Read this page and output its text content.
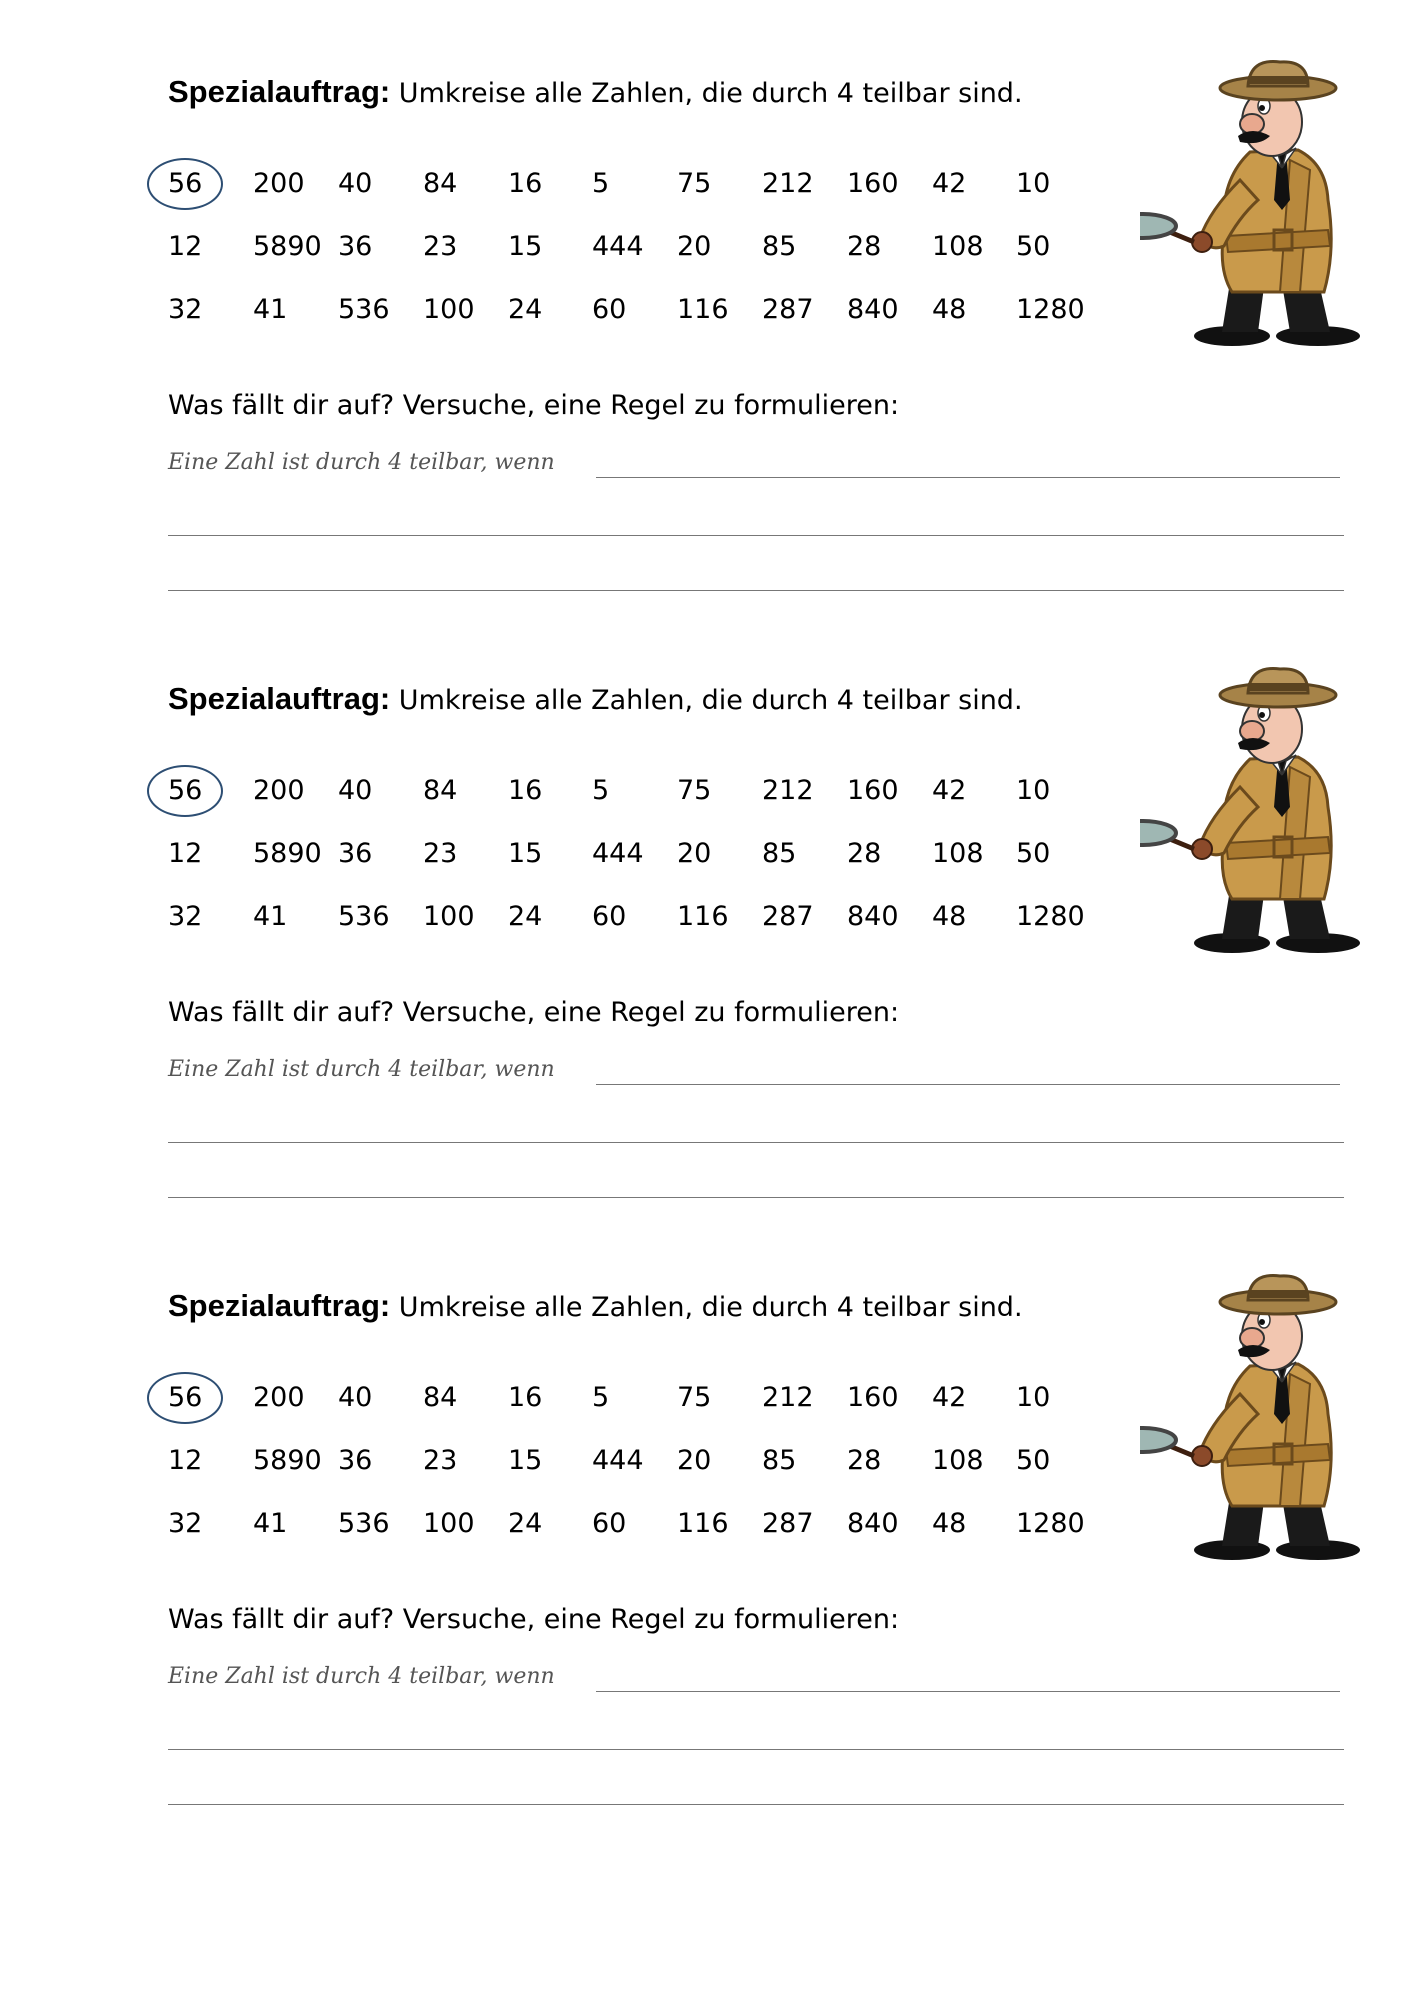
Spezialauftrag: Umkreise alle Zahlen, die durch 4 teilbar sind.
56 200 40 84 16 5	75 212 160 42 10
12 5890 36 23 15 444 20 85 28 108 50
32 41 536 100 24 60 116 287 840 48 1280
Was fällt dir auf? Versuche, eine Regel zu formulieren:
Eine Zahl ist durch 4 teilbar, wenn
Spezialauftrag: Umkreise alle Zahlen, die durch 4 teilbar sind.
56 200 40 84 16 5	75 212 160 42 10
12 5890 36 23 15 444 20 85 28 108 50
32 41 536 100 24 60 116 287 840 48 1280
Was fällt dir auf? Versuche, eine Regel zu formulieren:
Eine Zahl ist durch 4 teilbar, wenn
Spezialauftrag: Umkreise alle Zahlen, die durch 4 teilbar sind.
56 200 40 84 16 5	75 212 160 42 10
12 5890 36 23 15 444 20 85 28 108 50
32 41 536 100 24 60 116 287 840 48 1280
Was fällt dir auf? Versuche, eine Regel zu formulieren:
Eine Zahl ist durch 4 teilbar, wenn
